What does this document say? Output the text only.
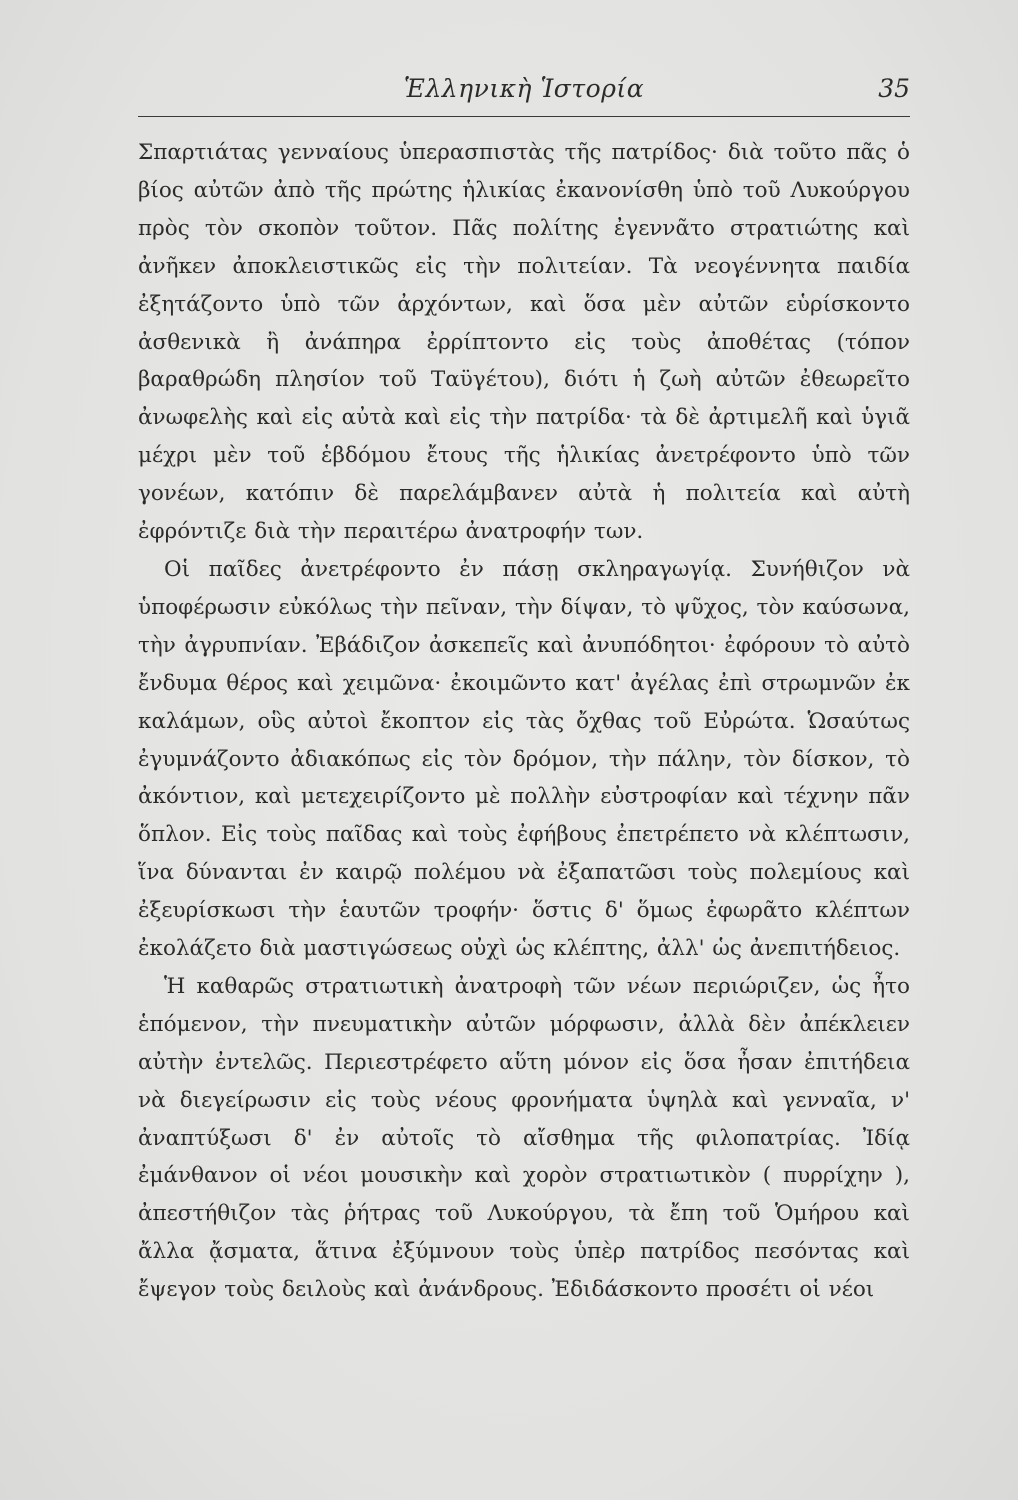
Ἑλληνικὴ Ἱστορία	35

Σπαρτιάτας γενναίους ὑπερασπιστὰς τῆς πατρίδος· διὰ τοῦτο πᾶς ὁ βίος αὐτῶν ἀπὸ τῆς πρώτης ἡλικίας ἐκανονίσθη ὑπὸ τοῦ Λυκούργου πρὸς τὸν σκοπὸν τοῦτον. Πᾶς πολίτης ἐγεννᾶτο στρατιώτης καὶ ἀνῆκεν ἀποκλειστικῶς εἰς τὴν πολιτείαν. Τὰ νεογέννητα παιδία ἐξητάζοντο ὑπὸ τῶν ἀρχόντων, καὶ ὅσα μὲν αὐτῶν εὑρίσκοντο ἀσθενικὰ ἢ ἀνάπηρα ἐρρίπτοντο εἰς τοὺς ἀποθέτας (τόπον βαραθρώδη πλησίον τοῦ Ταϋγέτου), διότι ἡ ζωὴ αὐτῶν ἐθεωρεῖτο ἀνωφελὴς καὶ εἰς αὐτὰ καὶ εἰς τὴν πατρίδα· τὰ δὲ ἀρτιμελῆ καὶ ὑγιᾶ μέχρι μὲν τοῦ ἑβδόμου ἔτους τῆς ἡλικίας ἀνετρέφοντο ὑπὸ τῶν γονέων, κατόπιν δὲ παρελάμβανεν αὐτὰ ἡ πολιτεία καὶ αὐτὴ ἐφρόντιζε διὰ τὴν περαιτέρω ἀνατροφήν των.

Οἱ παῖδες ἀνετρέφοντο ἐν πάσῃ σκληραγωγίᾳ. Συνήθιζον νὰ ὑποφέρωσιν εὐκόλως τὴν πεῖναν, τὴν δίψαν, τὸ ψῦχος, τὸν καύσωνα, τὴν ἀγρυπνίαν. Ἐβάδιζον ἀσκεπεῖς καὶ ἀνυπόδητοι· ἐφόρουν τὸ αὐτὸ ἔνδυμα θέρος καὶ χειμῶνα· ἐκοιμῶντο κατ' ἀγέλας ἐπὶ στρωμνῶν ἐκ καλάμων, οὓς αὐτοὶ ἔκοπτον εἰς τὰς ὄχθας τοῦ Εὐρώτα. Ὡσαύτως ἐγυμνάζοντο ἀδιακόπως εἰς τὸν δρόμον, τὴν πάλην, τὸν δίσκον, τὸ ἀκόντιον, καὶ μετεχειρίζοντο μὲ πολλὴν εὐστροφίαν καὶ τέχνην πᾶν ὅπλον. Εἰς τοὺς παῖδας καὶ τοὺς ἐφήβους ἐπετρέπετο νὰ κλέπτωσιν, ἵνα δύνανται ἐν καιρῷ πολέμου νὰ ἐξαπατῶσι τοὺς πολεμίους καὶ ἐξευρίσκωσι τὴν ἑαυτῶν τροφήν· ὅστις δ' ὅμως ἐφωρᾶτο κλέπτων ἐκολάζετο διὰ μαστιγώσεως οὐχὶ ὡς κλέπτης, ἀλλ' ὡς ἀνεπιτήδειος.

Ἡ καθαρῶς στρατιωτικὴ ἀνατροφὴ τῶν νέων περιώριζεν, ὡς ἦτο ἑπόμενον, τὴν πνευματικὴν αὐτῶν μόρφωσιν, ἀλλὰ δὲν ἀπέκλειεν αὐτὴν ἐντελῶς. Περιεστρέφετο αὕτη μόνον εἰς ὅσα ἦσαν ἐπιτήδεια νὰ διεγείρωσιν εἰς τοὺς νέους φρονήματα ὑψηλὰ καὶ γενναῖα, ν' ἀναπτύξωσι δ' ἐν αὐτοῖς τὸ αἴσθημα τῆς φιλοπατρίας. Ἰδίᾳ ἐμάνθανον οἱ νέοι μουσικὴν καὶ χορὸν στρατιωτικὸν ( πυρρίχην ), ἀπεστήθιζον τὰς ῥήτρας τοῦ Λυκούργου, τὰ ἔπη τοῦ Ὁμήρου καὶ ἄλλα ᾄσματα, ἅτινα ἐξύμνουν τοὺς ὑπὲρ πατρίδος πεσόντας καὶ ἔψεγον τοὺς δειλοὺς καὶ ἀνάνδρους. Ἐδιδάσκοντο προσέτι οἱ νέοι
